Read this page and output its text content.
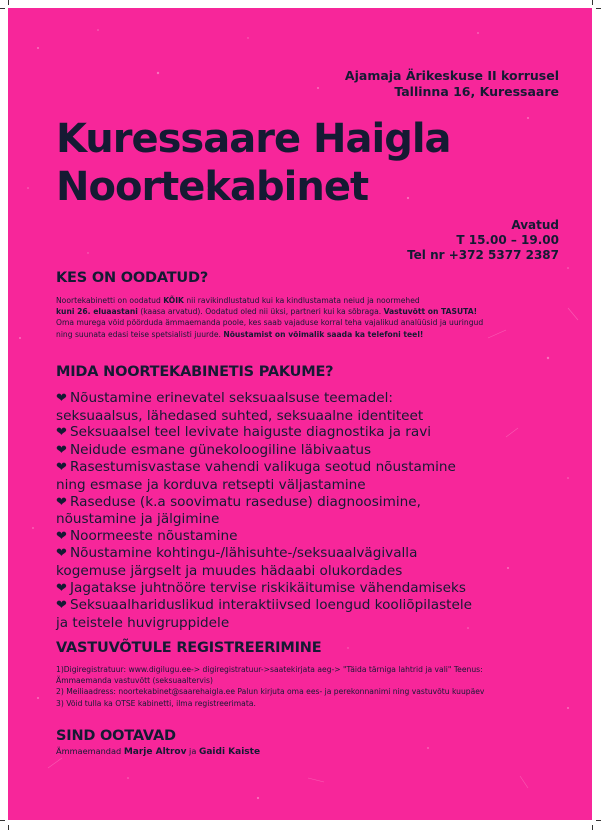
Ajamaja Ärikeskuse II korrusel
Tallinna 16, Kuressaare
Kuressaare Haigla
Noortekabinet
Avatud
T 15.00 – 19.00
Tel nr +372 5377 2387
KES ON OODATUD?
Noortekabinetti on oodatud KÕIK nii ravikindlustatud kui ka kindlustamata neiud ja noormehed
kuni 26. eluaastani (kaasa arvatud). Oodatud oled nii üksi, partneri kui ka sõbraga. Vastuvõtt on TASUTA!
Oma murega võid pöörduda ämmaemanda poole, kes saab vajaduse korral teha vajalikud analüüsid ja uuringud
ning suunata edasi teise spetsialisti juurde. Nõustamist on võimalik saada ka telefoni teel!
MIDA NOORTEKABINETIS PAKUME?
❤ Nõustamine erinevatel seksuaalsuse teemadel:
seksuaalsus, lähedased suhted, seksuaalne identiteet
❤ Seksuaalsel teel levivate haiguste diagnostika ja ravi
❤ Neidude esmane günekoloogiline läbivaatus
❤ Rasestumisvastase vahendi valikuga seotud nõustamine
ning esmase ja korduva retsepti väljastamine
❤ Raseduse (k.a soovimatu raseduse) diagnoosimine,
nõustamine ja jälgimine
❤ Noormeeste nõustamine
❤ Nõustamine kohtingu-/lähisuhte-/seksuaalvägivalla
kogemuse järgselt ja muudes hädaabi olukordades
❤ Jagatakse juhtnööre tervise riskikäitumise vähendamiseks
❤ Seksuaalhariduslikud interaktiivsed loengud kooliõpilastele
ja teistele huvigruppidele
VASTUVÕTULE REGISTREERIMINE
1)Digiregistratuur: www.digilugu.ee-> digiregistratuur->saatekirjata aeg-> "Täida tärniga lahtrid ja vali" Teenus:
Ämmaemanda vastuvõtt (seksuaaltervis)
2) Meiliaadress: noortekabinet@saarehaigla.ee Palun kirjuta oma ees- ja perekonnanimi ning vastuvõtu kuupäev
3) Võid tulla ka OTSE kabinetti, ilma registreerimata.
SIND OOTAVAD
Ämmaemandad Marje Altrov ja Gaidi Kaiste
